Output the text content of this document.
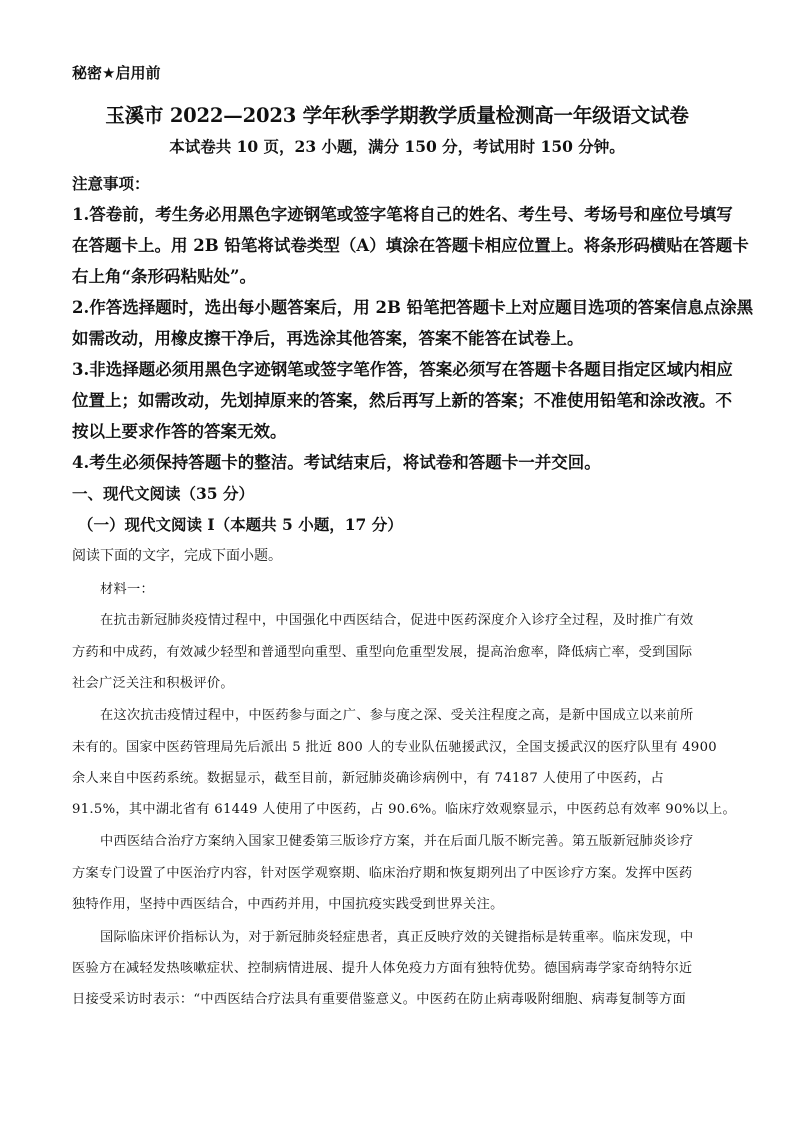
秘密★启用前

玉溪市 2022—2023 学年秋季学期教学质量检测高一年级语文试卷

本试卷共 10 页，23 小题，满分 150 分，考试用时 150 分钟。

注意事项：

1.答卷前，考生务必用黑色字迹钢笔或签字笔将自己的姓名、考生号、考场号和座位号填写

在答题卡上。用 2B 铅笔将试卷类型（A）填涂在答题卡相应位置上。将条形码横贴在答题卡

右上角“条形码粘贴处”。

2.作答选择题时，选出每小题答案后，用 2B 铅笔把答题卡上对应题目选项的答案信息点涂黑

如需改动，用橡皮擦干净后，再选涂其他答案，答案不能答在试卷上。

3.非选择题必须用黑色字迹钢笔或签字笔作答，答案必须写在答题卡各题目指定区域内相应

位置上；如需改动，先划掉原来的答案，然后再写上新的答案；不准使用铅笔和涂改液。不

按以上要求作答的答案无效。

4.考生必须保持答题卡的整洁。考试结束后，将试卷和答题卡一并交回。

一、现代文阅读（35 分）

（一）现代文阅读 I（本题共 5 小题，17 分）

阅读下面的文字，完成下面小题。

材料一：

在抗击新冠肺炎疫情过程中，中国强化中西医结合，促进中医药深度介入诊疗全过程，及时推广有效

方药和中成药，有效减少轻型和普通型向重型、重型向危重型发展，提高治愈率，降低病亡率，受到国际

社会广泛关注和积极评价。

在这次抗击疫情过程中，中医药参与面之广、参与度之深、受关注程度之高，是新中国成立以来前所

未有的。国家中医药管理局先后派出 5 批近 800 人的专业队伍驰援武汉，全国支援武汉的医疗队里有 4900

余人来自中医药系统。数据显示，截至目前，新冠肺炎确诊病例中，有 74187 人使用了中医药，占

91.5%，其中湖北省有 61449 人使用了中医药，占 90.6%。临床疗效观察显示，中医药总有效率 90%以上。

中西医结合治疗方案纳入国家卫健委第三版诊疗方案，并在后面几版不断完善。第五版新冠肺炎诊疗

方案专门设置了中医治疗内容，针对医学观察期、临床治疗期和恢复期列出了中医诊疗方案。发挥中医药

独特作用，坚持中西医结合，中西药并用，中国抗疫实践受到世界关注。

国际临床评价指标认为，对于新冠肺炎轻症患者，真正反映疗效的关键指标是转重率。临床发现，中

医验方在减轻发热咳嗽症状、控制病情进展、提升人体免疫力方面有独特优势。德国病毒学家奇纳特尔近

日接受采访时表示：“中西医结合疗法具有重要借鉴意义。中医药在防止病毒吸附细胞、病毒复制等方面
